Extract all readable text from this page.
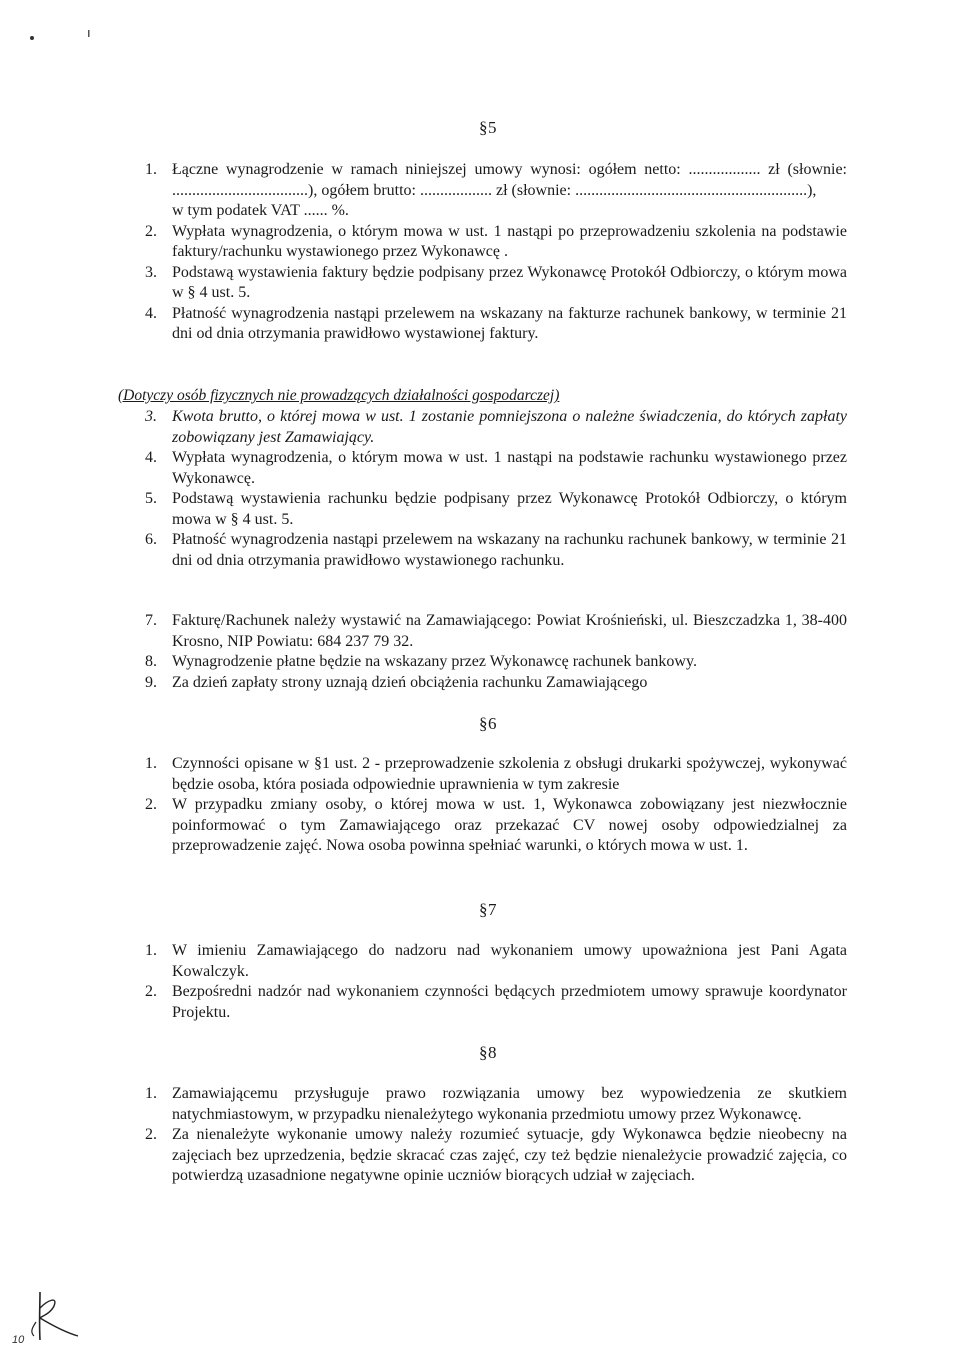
§5

1. Łączne wynagrodzenie w ramach niniejszej umowy wynosi: ogółem netto: .................. zł (słownie: ..................................), ogółem brutto: .................. zł (słownie: ..........................................................),

w tym podatek VAT ...... %.

2. Wypłata wynagrodzenia, o którym mowa w ust. 1 nastąpi po przeprowadzeniu szkolenia na podstawie faktury/rachunku wystawionego przez Wykonawcę .

3. Podstawą wystawienia faktury będzie podpisany przez Wykonawcę Protokół Odbiorczy, o którym mowa w § 4 ust. 5.

4. Płatność wynagrodzenia nastąpi przelewem na wskazany na fakturze rachunek bankowy, w terminie 21 dni od dnia otrzymania prawidłowo wystawionej faktury.

(Dotyczy osób fizycznych nie prowadzących działalności gospodarczej)

3. Kwota brutto, o której mowa w ust. 1 zostanie pomniejszona o należne świadczenia, do których zapłaty zobowiązany jest Zamawiający.

4. Wypłata wynagrodzenia, o którym mowa w ust. 1 nastąpi na podstawie rachunku wystawionego przez Wykonawcę.

5. Podstawą wystawienia rachunku będzie podpisany przez Wykonawcę Protokół Odbiorczy, o którym mowa w § 4 ust. 5.

6. Płatność wynagrodzenia nastąpi przelewem na wskazany na rachunku rachunek bankowy, w terminie 21 dni od dnia otrzymania prawidłowo wystawionego rachunku.

7. Fakturę/Rachunek należy wystawić na Zamawiającego: Powiat Krośnieński, ul. Bieszczadzka 1, 38-400 Krosno, NIP Powiatu: 684 237 79 32.

8. Wynagrodzenie płatne będzie na wskazany przez Wykonawcę rachunek bankowy.

9. Za dzień zapłaty strony uznają dzień obciążenia rachunku Zamawiającego

§6

1. Czynności opisane w §1 ust. 2 - przeprowadzenie szkolenia z obsługi drukarki spożywczej, wykonywać będzie osoba, która posiada odpowiednie uprawnienia w tym zakresie

2. W przypadku zmiany osoby, o której mowa w ust. 1, Wykonawca zobowiązany jest niezwłocznie poinformować o tym Zamawiającego oraz przekazać CV nowej osoby odpowiedzialnej za przeprowadzenie zajęć. Nowa osoba powinna spełniać warunki, o których mowa w ust. 1.

§7

1. W imieniu Zamawiającego do nadzoru nad wykonaniem umowy upoważniona jest Pani Agata Kowalczyk.

2. Bezpośredni nadzór nad wykonaniem czynności będących przedmiotem umowy sprawuje koordynator Projektu.

§8

1. Zamawiającemu przysługuje prawo rozwiązania umowy bez wypowiedzenia ze skutkiem natychmiastowym, w przypadku nienależytego wykonania przedmiotu umowy przez Wykonawcę.

2. Za nienależyte wykonanie umowy należy rozumieć sytuacje, gdy Wykonawca będzie nieobecny na zajęciach bez uprzedzenia, będzie skracać czas zajęć, czy też będzie nienależycie prowadzić zajęcia, co potwierdzą uzasadnione negatywne opinie uczniów biorących udział w zajęciach.

10
